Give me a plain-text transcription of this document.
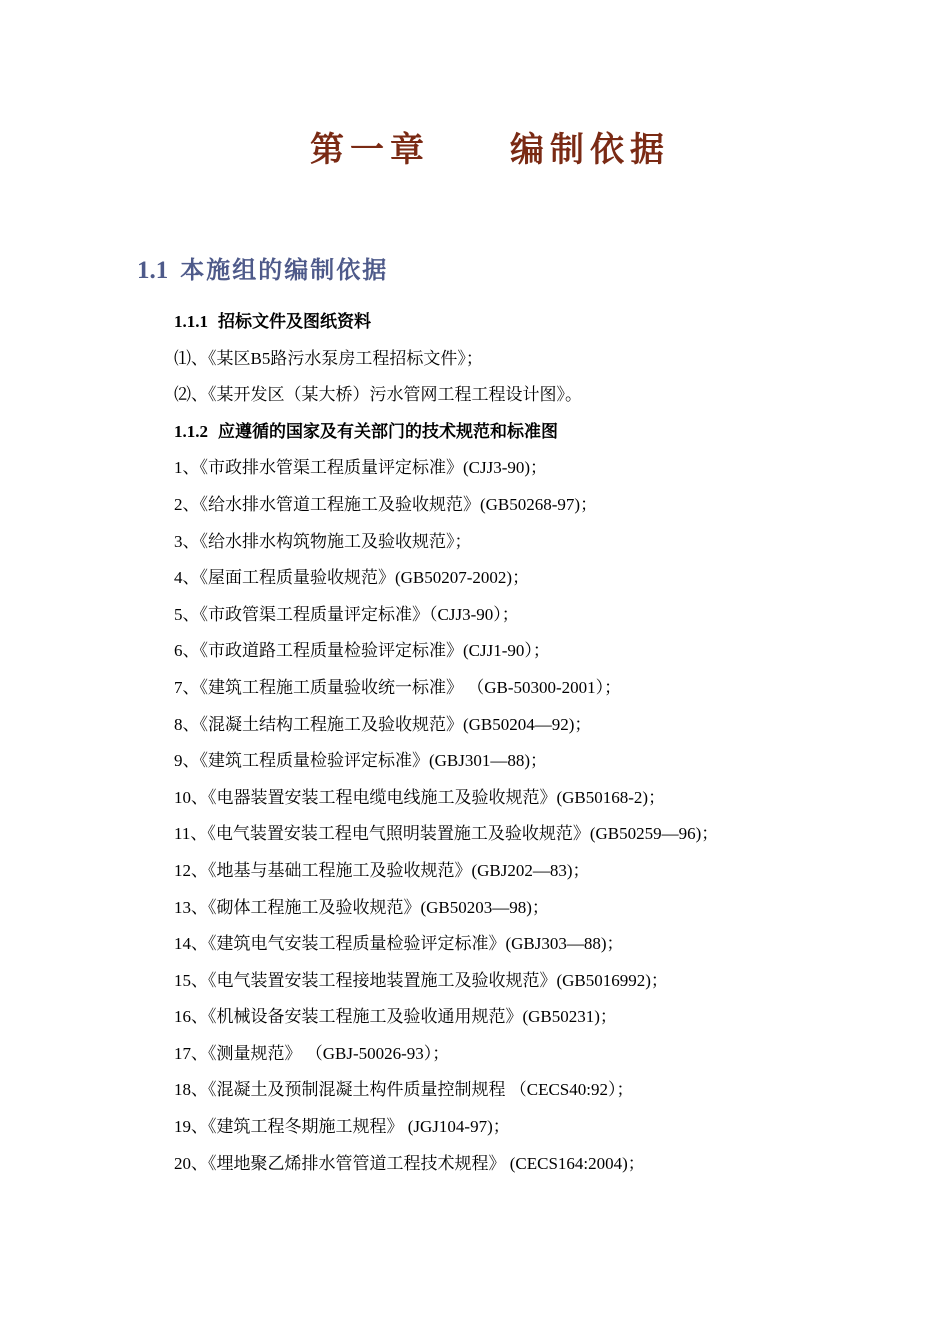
第一章 编制依据
1.1 本施组的编制依据
1.1.1 招标文件及图纸资料
⑴、《某区B5路污水泵房工程招标文件》；
⑵、《某开发区（某大桥）污水管网工程工程设计图》。
1.1.2 应遵循的国家及有关部门的技术规范和标准图
1、《市政排水管渠工程质量评定标准》(CJJ3-90)；
2、《给水排水管道工程施工及验收规范》(GB50268-97)；
3、《给水排水构筑物施工及验收规范》；
4、《屋面工程质量验收规范》(GB50207-2002)；
5、《市政管渠工程质量评定标准》（CJJ3-90）；
6、《市政道路工程质量检验评定标准》(CJJ1-90）；
7、《建筑工程施工质量验收统一标准》 （GB-50300-2001）；
8、《混凝土结构工程施工及验收规范》(GB50204—92)；
9、《建筑工程质量检验评定标准》(GBJ301—88)；
10、《电器装置安装工程电缆电线施工及验收规范》(GB50168-2)；
11、《电气装置安装工程电气照明装置施工及验收规范》(GB50259—96)；
12、《地基与基础工程施工及验收规范》(GBJ202—83)；
13、《砌体工程施工及验收规范》(GB50203—98)；
14、《建筑电气安装工程质量检验评定标准》(GBJ303—88)；
15、《电气装置安装工程接地装置施工及验收规范》(GB5016992)；
16、《机械设备安装工程施工及验收通用规范》(GB50231)；
17、《测量规范》 （GBJ-50026-93）；
18、《混凝土及预制混凝土构件质量控制规程 （CECS40:92）；
19、《建筑工程冬期施工规程》 (JGJ104-97)；
20、《埋地聚乙烯排水管管道工程技术规程》 (CECS164:2004)；
